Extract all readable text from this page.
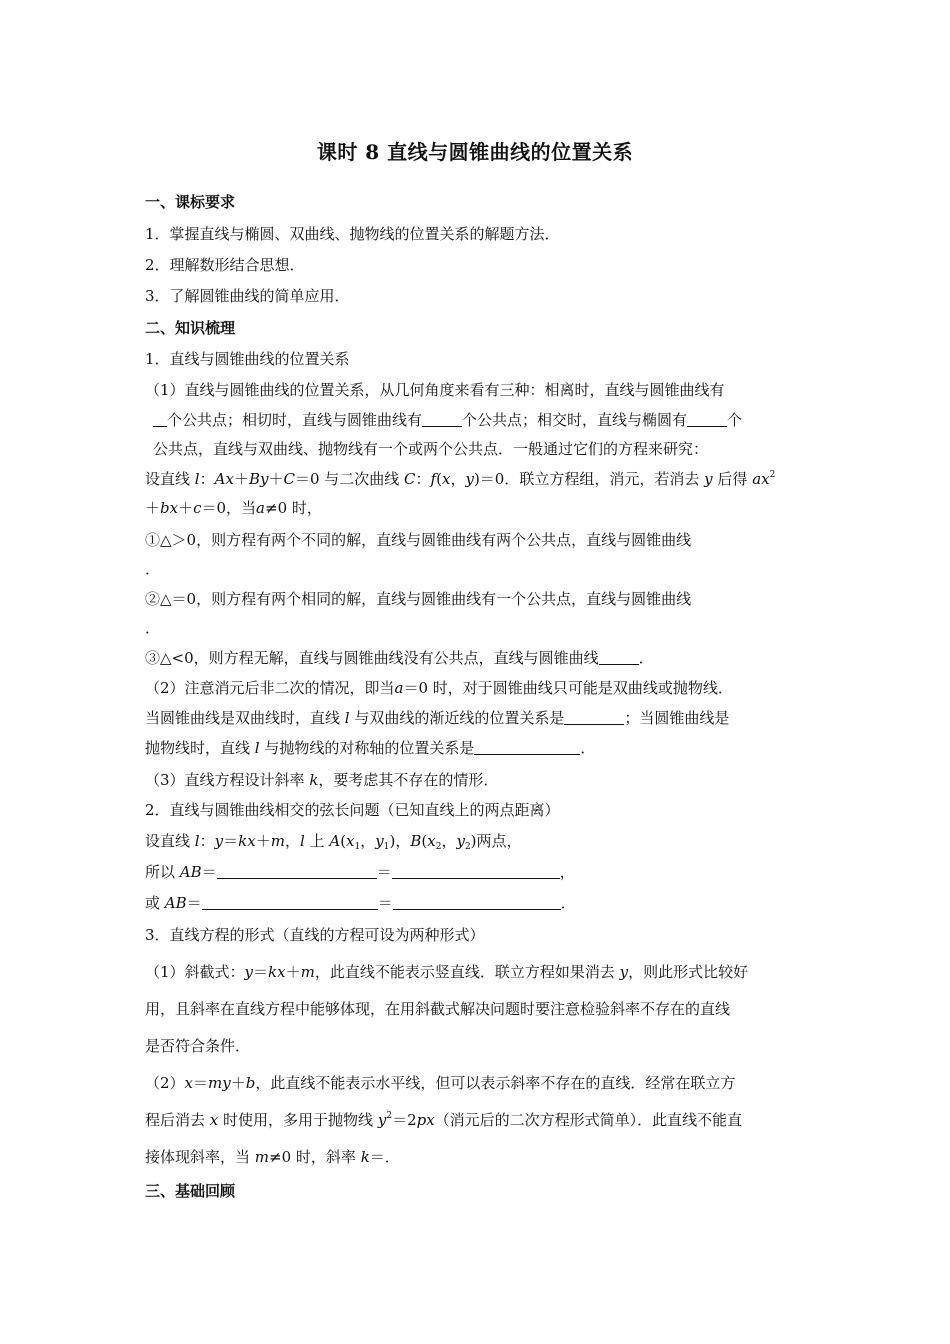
课时 8 直线与圆锥曲线的位置关系
一、课标要求
1．掌握直线与椭圆、双曲线、抛物线的位置关系的解题方法．
2．理解数形结合思想．
3．了解圆锥曲线的简单应用．
二、知识梳理
1．直线与圆锥曲线的位置关系
（1）直线与圆锥曲线的位置关系，从几何角度来看有三种：相离时，直线与圆锥曲线有
个公共点；相切时，直线与圆锥曲线有	个公共点；相交时，直线与椭圆有	个
公共点，直线与双曲线、抛物线有一个或两个公共点．一般通过它们的方程来研究：
设直线 l：Ax＋By＋C＝0 与二次曲线 C：f(x，y)＝0．联立方程组，消元，若消去 y 后得 $ax^2$
＋bx＋c＝0，当a≠0 时，
①△＞0，则方程有两个不同的解，直线与圆锥曲线有两个公共点，直线与圆锥曲线
．
②△＝0，则方程有两个相同的解，直线与圆锥曲线有一个公共点，直线与圆锥曲线
．
③△<0，则方程无解，直线与圆锥曲线没有公共点，直线与圆锥曲线	．
（2）注意消元后非二次的情况，即当a＝0 时，对于圆锥曲线只可能是双曲线或抛物线．
当圆锥曲线是双曲线时，直线 l 与双曲线的渐近线的位置关系是	；当圆锥曲线是
抛物线时，直线 l 与抛物线的对称轴的位置关系是	．
（3）直线方程设计斜率 k，要考虑其不存在的情形．
2．直线与圆锥曲线相交的弦长问题（已知直线上的两点距离）
设直线 l：y＝kx＋m，l 上 $A(x_1$，$y_1$)，$B(x_2$，$y_2$)两点，
所以 AB＝	＝	，
或 AB＝	＝	．
3．直线方程的形式（直线的方程可设为两种形式）
（1）斜截式：y＝kx＋m，此直线不能表示竖直线．联立方程如果消去 y，则此形式比较好
用，且斜率在直线方程中能够体现，在用斜截式解决问题时要注意检验斜率不存在的直线
是否符合条件．
（2）x＝my＋b，此直线不能表示水平线，但可以表示斜率不存在的直线．经常在联立方
程后消去 x 时使用，多用于抛物线 $y^2=2px$（消元后的二次方程形式简单）．此直线不能直
接体现斜率，当 m≠0 时，斜率 k＝．
三、基础回顾
